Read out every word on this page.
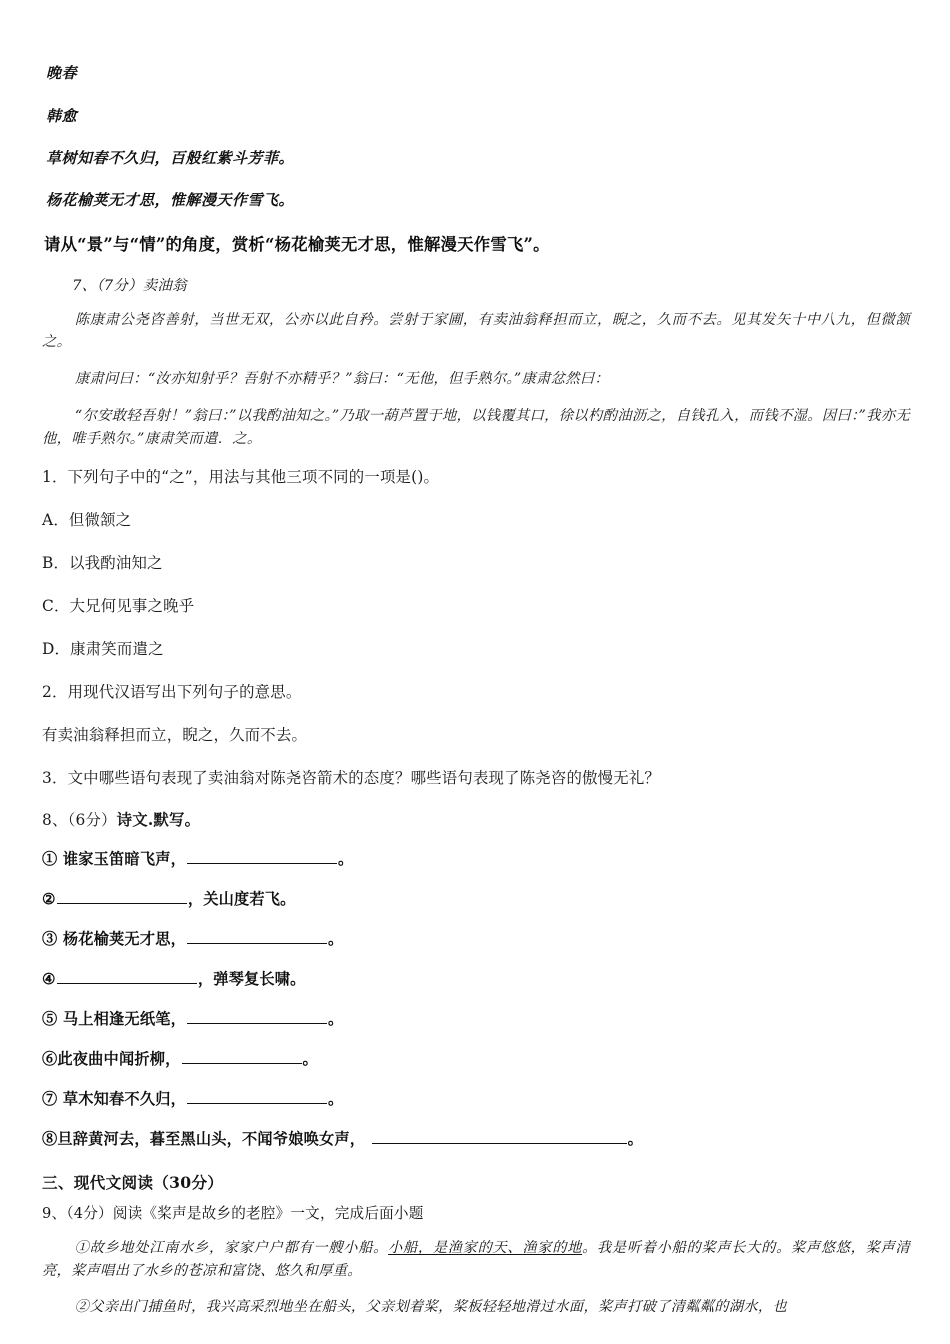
晚春
韩愈
草树知春不久归，百般红紫斗芳菲。
杨花榆荚无才思，惟解漫天作雪飞。
请从“景”与“情”的角度，赏析“杨花榆荚无才思，惟解漫天作雪飞”。
7、（7分）卖油翁
陈康肃公尧咨善射，当世无双，公亦以此自矜。尝射于家圃，有卖油翁释担而立，睨之，久而不去。见其发矢十中八九，但微颔之。
康肃问曰：“汝亦知射乎？吾射不亦精乎？”翁曰：“无他，但手熟尔。”康肃忿然曰：
“尔安敢轻吾射！”翁曰：”以我酌油知之。”乃取一葫芦置于地，以钱覆其口，徐以杓酌油沥之，自钱孔入，而钱不湿。因曰：”我亦无他，唯手熟尔。”康肃笑而遣．之。
1．下列句子中的“之”，用法与其他三项不同的一项是()。
A．但微颔之
B．以我酌油知之
C．大兄何见事之晚乎
D．康肃笑而遣之
2．用现代汉语写出下列句子的意思。
有卖油翁释担而立，睨之，久而不去。
3．文中哪些语句表现了卖油翁对陈尧咨箭术的态度？哪些语句表现了陈尧咨的傲慢无礼？
8、（6分）诗文.默写。
① 谁家玉笛暗飞声，	。
②	，关山度若飞。
③ 杨花榆荚无才思，	。
④	，弹琴复长啸。
⑤ 马上相逢无纸笔，	。
⑥此夜曲中闻折柳，	。
⑦ 草木知春不久归，	。
⑧旦辞黄河去，暮至黑山头，不闻爷娘唤女声，	。
三、现代文阅读（30分）
9、（4分）阅读《桨声是故乡的老腔》一文，完成后面小题
①故乡地处江南水乡，家家户户都有一艘小船。小船，是渔家的天、渔家的地。我是听着小船的桨声长大的。桨声悠悠，桨声清亮，桨声唱出了水乡的苍凉和富饶、悠久和厚重。
②父亲出门捕鱼时，我兴高采烈地坐在船头，父亲划着桨，桨板轻轻地滑过水面，桨声打破了清粼粼的湖水，也
